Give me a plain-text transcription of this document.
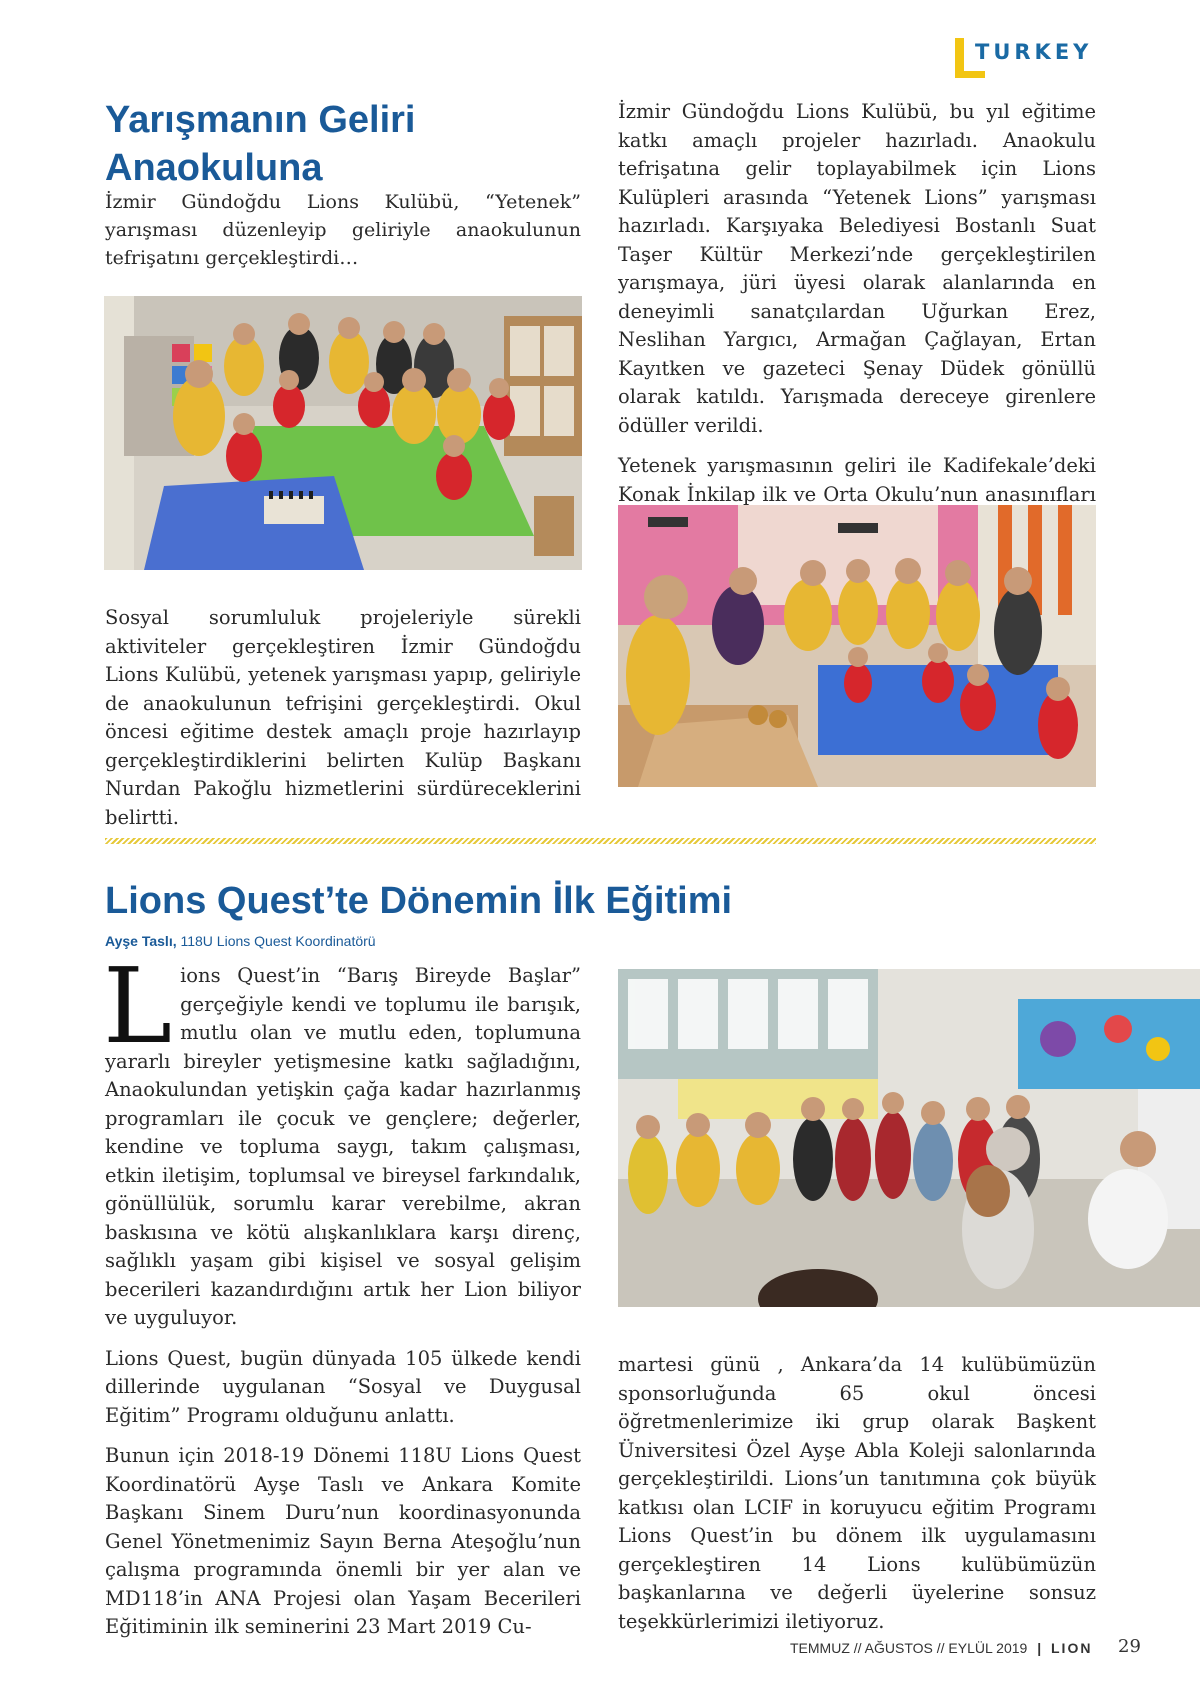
TURKEY
Yarışmanın Geliri Anaokuluna
İzmir Gündoğdu Lions Kulübü, “Yetenek” yarışması düzenleyip geliriyle anaokulunun tefrişatını gerçekleştirdi…

Sosyal sorumluluk projeleriyle sürekli aktiviteler gerçekleştiren İzmir Gündoğdu Lions Kulübü, yetenek yarışması yapıp, geliriyle de anaokulunun tefrişini gerçekleştirdi. Okul öncesi eğitime destek amaçlı proje hazırlayıp gerçekleştirdiklerini belirten Kulüp Başkanı Nurdan Pakoğlu hizmetlerini sürdüreceklerini belirtti.

İzmir Gündoğdu Lions Kulübü, bu yıl eğitime katkı amaçlı projeler hazırladı. Anaokulu tefrişatına gelir toplayabilmek için Lions Kulüpleri arasında “Yetenek Lions” yarışması hazırladı. Karşıyaka Belediyesi Bostanlı Suat Taşer Kültür Merkezi’nde gerçekleştirilen yarışmaya, jüri üyesi olarak alanlarında en deneyimli sanatçılardan Uğurkan Erez, Neslihan Yargıcı, Armağan Çağlayan, Ertan Kayıtken ve gazeteci Şenay Düdek gönüllü olarak katıldı. Yarışmada dereceye girenlere ödüller verildi.

Yetenek yarışmasının geliri ile Kadifekale’deki Konak İnkilap ilk ve Orta Okulu’nun anasınıfları

Lions Quest’te Dönemin İlk Eğitimi
Ayşe Taslı, 118U Lions Quest Koordinatörü

Lions Quest’in “Barış Bireyde Başlar” gerçeğiyle kendi ve toplumu ile barışık, mutlu olan ve mutlu eden, toplumuna yararlı bireyler yetişmesine katkı sağladığını, Anaokulundan yetişkin çağa kadar hazırlanmış programları ile çocuk ve gençlere; değerler, kendine ve topluma saygı, takım çalışması, etkin iletişim, toplumsal ve bireysel farkındalık, gönüllülük, sorumlu karar verebilme, akran baskısına ve kötü alışkanlıklara karşı direnç, sağlıklı yaşam gibi kişisel ve sosyal gelişim becerileri kazandırdığını artık her Lion biliyor ve uyguluyor.

Lions Quest, bugün dünyada 105 ülkede kendi dillerinde uygulanan “Sosyal ve Duygusal Eğitim” Programı olduğunu anlattı.

Bunun için 2018-19 Dönemi 118U Lions Quest Koordinatörü Ayşe Taslı ve Ankara Komite Başkanı Sinem Duru’nun koordinasyonunda Genel Yönetmenimiz Sayın Berna Ateşoğlu’nun çalışma programında önemli bir yer alan ve MD118’in ANA Projesi olan Yaşam Becerileri Eğitiminin ilk seminerini 23 Mart 2019 Cu-

martesi günü , Ankara’da 14 kulübümüzün sponsorluğunda 65 okul öncesi öğretmenlerimize iki grup olarak Başkent Üniversitesi Özel Ayşe Abla Koleji salonlarında gerçekleştirildi. Lions’un tanıtımına çok büyük katkısı olan LCIF in koruyucu eğitim Programı Lions Quest’in bu dönem ilk uygulamasını gerçekleştiren 14 Lions kulübümüzün başkanlarına ve değerli üyelerine sonsuz teşekkürlerimizi iletiyoruz.

TEMMUZ // AĞUSTOS // EYLÜL 2019 | LION 29
